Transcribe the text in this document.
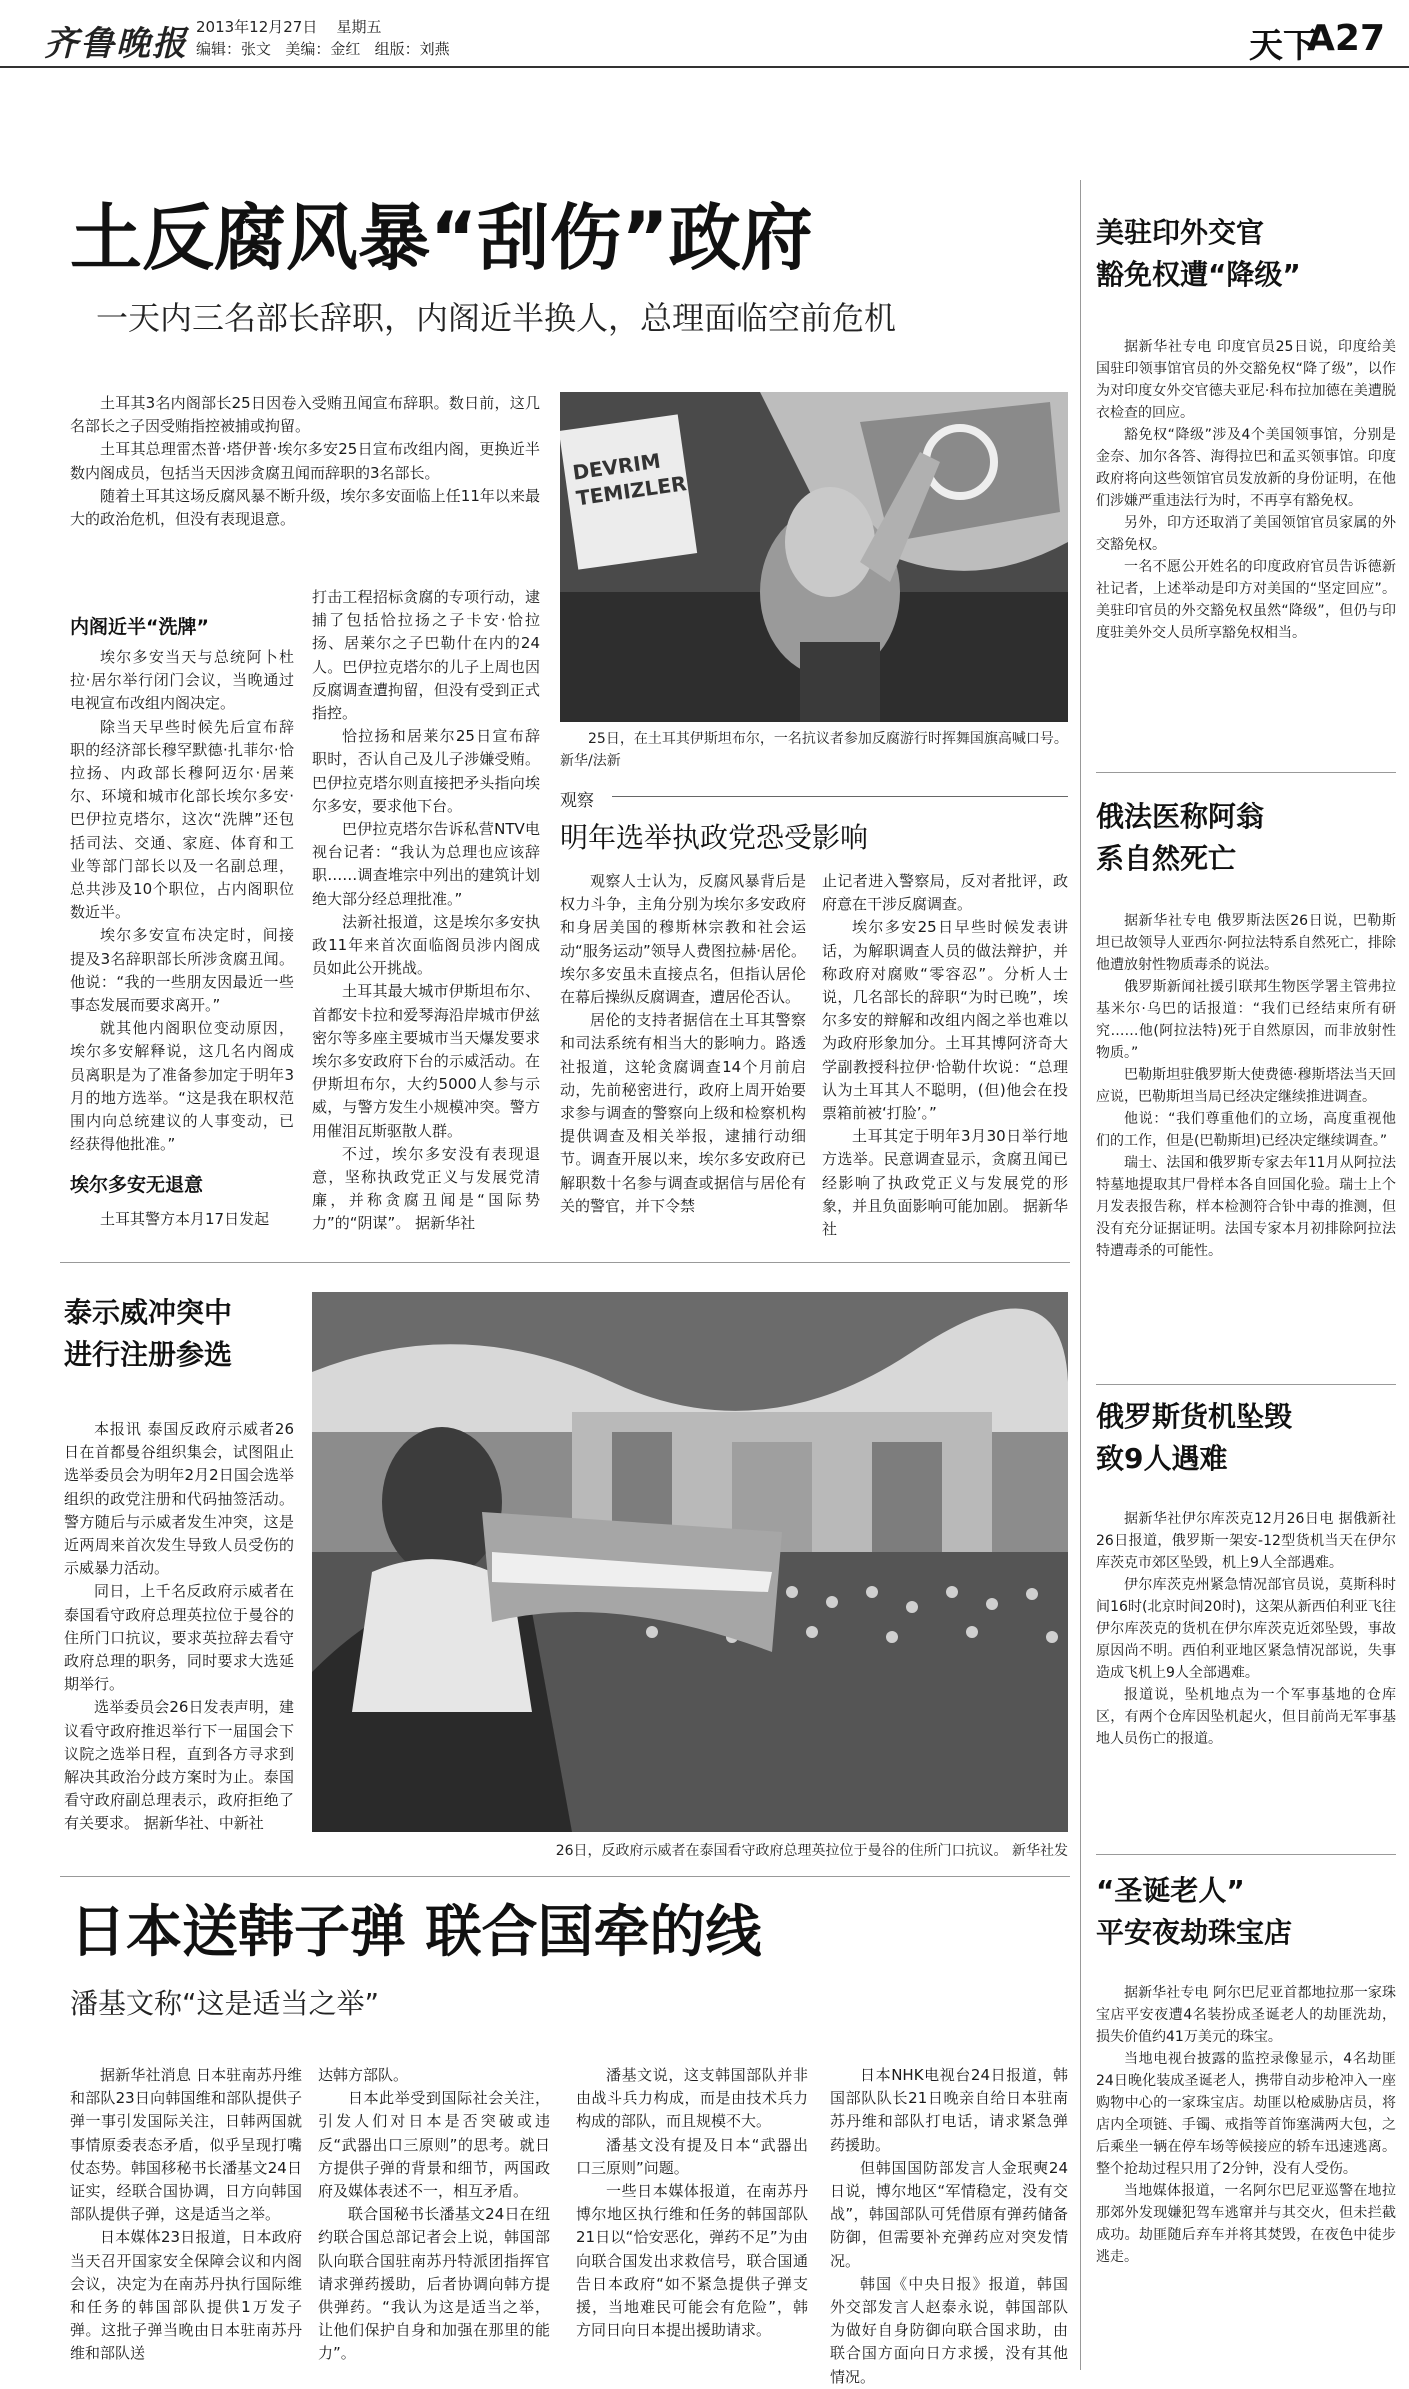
齐鲁晚报 2013年12月27日 星期五
编辑：张文 美编：金红 组版：刘燕	天下
A27
土反腐风暴“刮伤”政府
一天内三名部长辞职，内阁近半换人，总理面临空前危机

土耳其3名内阁部长25日因卷入受贿丑闻宣布辞职。数日前，这几名部长之子因受贿指控被捕或拘留。

土耳其总理雷杰普·塔伊普·埃尔多安25日宣布改组内阁，更换近半数内阁成员，包括当天因涉贪腐丑闻而辞职的3名部长。

随着土耳其这场反腐风暴不断升级，埃尔多安面临上任11年以来最大的政治危机，但没有表现退意。

DEVRIM TEMIZLER
25日，在土耳其伊斯坦布尔，一名抗议者参加反腐游行时挥舞国旗高喊口号。 新华/法新
内阁近半“洗牌”

埃尔多安当天与总统阿卜杜拉·居尔举行闭门会议，当晚通过电视宣布改组内阁决定。

除当天早些时候先后宣布辞职的经济部长穆罕默德·扎菲尔·恰拉扬、内政部长穆阿迈尔·居莱尔、环境和城市化部长埃尔多安·巴伊拉克塔尔，这次“洗牌”还包括司法、交通、家庭、体育和工业等部门部长以及一名副总理，总共涉及10个职位，占内阁职位数近半。

埃尔多安宣布决定时，间接提及3名辞职部长所涉贪腐丑闻。他说：“我的一些朋友因最近一些事态发展而要求离开。”

就其他内阁职位变动原因，埃尔多安解释说，这几名内阁成员离职是为了准备参加定于明年3月的地方选举。“这是我在职权范围内向总统建议的人事变动，已经获得他批准。”

埃尔多安无退意

土耳其警方本月17日发起

打击工程招标贪腐的专项行动，逮捕了包括恰拉扬之子卡安·恰拉扬、居莱尔之子巴勒什在内的24人。巴伊拉克塔尔的儿子上周也因反腐调查遭拘留，但没有受到正式指控。

恰拉扬和居莱尔25日宣布辞职时，否认自己及儿子涉嫌受贿。巴伊拉克塔尔则直接把矛头指向埃尔多安，要求他下台。

巴伊拉克塔尔告诉私营NTV电视台记者：“我认为总理也应该辞职……调查堆宗中列出的建筑计划绝大部分经总理批准。”

法新社报道，这是埃尔多安执政11年来首次面临阁员涉内阁成员如此公开挑战。

土耳其最大城市伊斯坦布尔、首都安卡拉和爱琴海沿岸城市伊兹密尔等多座主要城市当天爆发要求埃尔多安政府下台的示威活动。在伊斯坦布尔，大约5000人参与示威，与警方发生小规模冲突。警方用催泪瓦斯驱散人群。

不过，埃尔多安没有表现退意，坚称执政党正义与发展党清廉，并称贪腐丑闻是“国际势力”的“阴谋”。 据新华社

观察
明年选举执政党恐受影响

观察人士认为，反腐风暴背后是权力斗争，主角分别为埃尔多安政府和身居美国的穆斯林宗教和社会运动“服务运动”领导人费图拉赫·居伦。埃尔多安虽未直接点名，但指认居伦在幕后操纵反腐调查，遭居伦否认。

居伦的支持者据信在土耳其警察和司法系统有相当大的影响力。路透社报道，这轮贪腐调查14个月前启动，先前秘密进行，政府上周开始要求参与调查的警察向上级和检察机构提供调查及相关举报，逮捕行动细节。调查开展以来，埃尔多安政府已解职数十名参与调查或据信与居伦有关的警官，并下令禁

止记者进入警察局，反对者批评，政府意在干涉反腐调查。

埃尔多安25日早些时候发表讲话，为解职调查人员的做法辩护，并称政府对腐败“零容忍”。分析人士说，几名部长的辞职“为时已晚”，埃尔多安的辩解和改组内阁之举也难以为政府形象加分。土耳其博阿济奇大学副教授科拉伊·恰勒什坎说：“总理认为土耳其人不聪明，(但)他会在投票箱前被‘打脸’。”

土耳其定于明年3月30日举行地方选举。民意调查显示，贪腐丑闻已经影响了执政党正义与发展党的形象，并且负面影响可能加剧。 据新华社

泰示威冲突中
进行注册参选

本报讯 泰国反政府示威者26日在首都曼谷组织集会，试图阻止选举委员会为明年2月2日国会选举组织的政党注册和代码抽签活动。警方随后与示威者发生冲突，这是近两周来首次发生导致人员受伤的示威暴力活动。

同日，上千名反政府示威者在泰国看守政府总理英拉位于曼谷的住所门口抗议，要求英拉辞去看守政府总理的职务，同时要求大选延期举行。

选举委员会26日发表声明，建议看守政府推迟举行下一届国会下议院之选举日程，直到各方寻求到解决其政治分歧方案时为止。泰国看守政府副总理表示，政府拒绝了有关要求。 据新华社、中新社

26日，反政府示威者在泰国看守政府总理英拉位于曼谷的住所门口抗议。 新华社发
日本送韩子弹 联合国牵的线
潘基文称“这是适当之举”

据新华社消息 日本驻南苏丹维和部队23日向韩国维和部队提供子弹一事引发国际关注，日韩两国就事情原委表态矛盾，似乎呈现打嘴仗态势。韩国移秘书长潘基文24日证实，经联合国协调，日方向韩国部队提供子弹，这是适当之举。

日本媒体23日报道，日本政府当天召开国家安全保障会议和内阁会议，决定为在南苏丹执行国际维和任务的韩国部队提供1万发子弹。这批子弹当晚由日本驻南苏丹维和部队送

达韩方部队。

日本此举受到国际社会关注，引发人们对日本是否突破或违反“武器出口三原则”的思考。就日方提供子弹的背景和细节，两国政府及媒体表述不一，相互矛盾。

联合国秘书长潘基文24日在纽约联合国总部记者会上说，韩国部队向联合国驻南苏丹特派团指挥官请求弹药援助，后者协调向韩方提供弹药。“我认为这是适当之举，让他们保护自身和加强在那里的能力”。

潘基文说，这支韩国部队并非由战斗兵力构成，而是由技术兵力构成的部队，而且规模不大。

潘基文没有提及日本“武器出口三原则”问题。

一些日本媒体报道，在南苏丹博尔地区执行维和任务的韩国部队21日以“恰安恶化，弹药不足”为由向联合国发出求救信号，联合国通告日本政府“如不紧急提供子弹支援，当地难民可能会有危险”，韩方同日向日本提出援助请求。

日本NHK电视台24日报道，韩国部队队长21日晚亲自给日本驻南苏丹维和部队打电话，请求紧急弹药援助。

但韩国国防部发言人金珉奭24日说，博尔地区“军情稳定，没有交战”，韩国部队可凭借原有弹药储备防御，但需要补充弹药应对突发情况。

韩国《中央日报》报道，韩国外交部发言人赵泰永说，韩国部队为做好自身防御向联合国求助，由联合国方面向日方求援，没有其他情况。

美驻印外交官
豁免权遭“降级”

据新华社专电 印度官员25日说，印度给美国驻印领事馆官员的外交豁免权“降了级”，以作为对印度女外交官德夫亚尼·科布拉加德在美遭脱衣检查的回应。

豁免权“降级”涉及4个美国领事馆，分别是金奈、加尔各答、海得拉巴和孟买领事馆。印度政府将向这些领馆官员发放新的身份证明，在他们涉嫌严重违法行为时，不再享有豁免权。

另外，印方还取消了美国领馆官员家属的外交豁免权。

一名不愿公开姓名的印度政府官员告诉德新社记者，上述举动是印方对美国的“坚定回应”。美驻印官员的外交豁免权虽然“降级”，但仍与印度驻美外交人员所享豁免权相当。

俄法医称阿翁
系自然死亡

据新华社专电 俄罗斯法医26日说，巴勒斯坦已故领导人亚西尔·阿拉法特系自然死亡，排除他遭放射性物质毒杀的说法。

俄罗斯新闻社援引联邦生物医学署主管弗拉基米尔·乌巴的话报道：“我们已经结束所有研究……他(阿拉法特)死于自然原因，而非放射性物质。”

巴勒斯坦驻俄罗斯大使费德·穆斯塔法当天回应说，巴勒斯坦当局已经决定继续推进调查。

他说：“我们尊重他们的立场，高度重视他们的工作，但是(巴勒斯坦)已经决定继续调查。”

瑞士、法国和俄罗斯专家去年11月从阿拉法特墓地提取其尸骨样本各自回国化验。瑞士上个月发表报告称，样本检测符合钋中毒的推测，但没有充分证据证明。法国专家本月初排除阿拉法特遭毒杀的可能性。

俄罗斯货机坠毁
致9人遇难

据新华社伊尔库茨克12月26日电 据俄新社26日报道，俄罗斯一架安-12型货机当天在伊尔库茨克市郊区坠毁，机上9人全部遇难。

伊尔库茨克州紧急情况部官员说，莫斯科时间16时(北京时间20时)，这架从新西伯利亚飞往伊尔库茨克的货机在伊尔库茨克近郊坠毁，事故原因尚不明。西伯利亚地区紧急情况部说，失事造成飞机上9人全部遇难。

报道说，坠机地点为一个军事基地的仓库区，有两个仓库因坠机起火，但目前尚无军事基地人员伤亡的报道。

“圣诞老人”
平安夜劫珠宝店

据新华社专电 阿尔巴尼亚首都地拉那一家珠宝店平安夜遭4名装扮成圣诞老人的劫匪洗劫，损失价值约41万美元的珠宝。

当地电视台披露的监控录像显示，4名劫匪24日晚化装成圣诞老人，携带自动步枪冲入一座购物中心的一家珠宝店。劫匪以枪威胁店员，将店内全项链、手镯、戒指等首饰塞满两大包，之后乘坐一辆在停车场等候接应的轿车迅速逃离。整个抢劫过程只用了2分钟，没有人受伤。

当地媒体报道，一名阿尔巴尼亚巡警在地拉那郊外发现嫌犯驾车逃窜并与其交火，但未拦截成功。劫匪随后弃车并将其焚毁，在夜色中徒步逃走。
